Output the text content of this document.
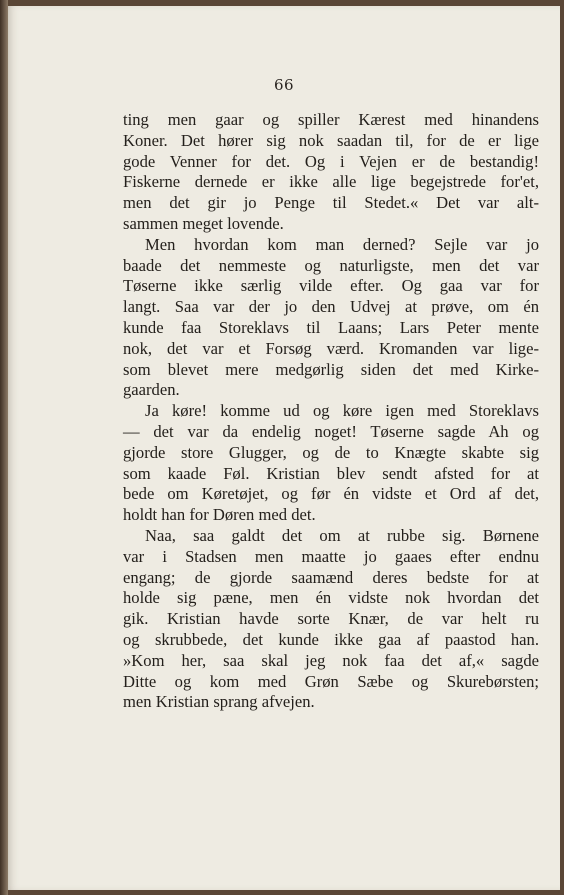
66
ting men gaar og spiller Kærest med hinandens
Koner. Det hører sig nok saadan til, for de er lige
gode Venner for det. Og i Vejen er de bestandig!
Fiskerne dernede er ikke alle lige begejstrede for'et,
men det gir jo Penge til Stedet.« Det var alt-
sammen meget lovende.
Men hvordan kom man derned? Sejle var jo
baade det nemmeste og naturligste, men det var
Tøserne ikke særlig vilde efter. Og gaa var for
langt. Saa var der jo den Udvej at prøve, om én
kunde faa Storeklavs til Laans; Lars Peter mente
nok, det var et Forsøg værd. Kromanden var lige-
som blevet mere medgørlig siden det med Kirke-
gaarden.
Ja køre! komme ud og køre igen med Storeklavs
— det var da endelig noget! Tøserne sagde Ah og
gjorde store Glugger, og de to Knægte skabte sig
som kaade Føl. Kristian blev sendt afsted for at
bede om Køretøjet, og før én vidste et Ord af det,
holdt han for Døren med det.
Naa, saa galdt det om at rubbe sig. Børnene
var i Stadsen men maatte jo gaaes efter endnu
engang; de gjorde saamænd deres bedste for at
holde sig pæne, men én vidste nok hvordan det
gik. Kristian havde sorte Knær, de var helt ru
og skrubbede, det kunde ikke gaa af paastod han.
»Kom her, saa skal jeg nok faa det af,« sagde
Ditte og kom med Grøn Sæbe og Skurebørsten;
men Kristian sprang afvejen.
